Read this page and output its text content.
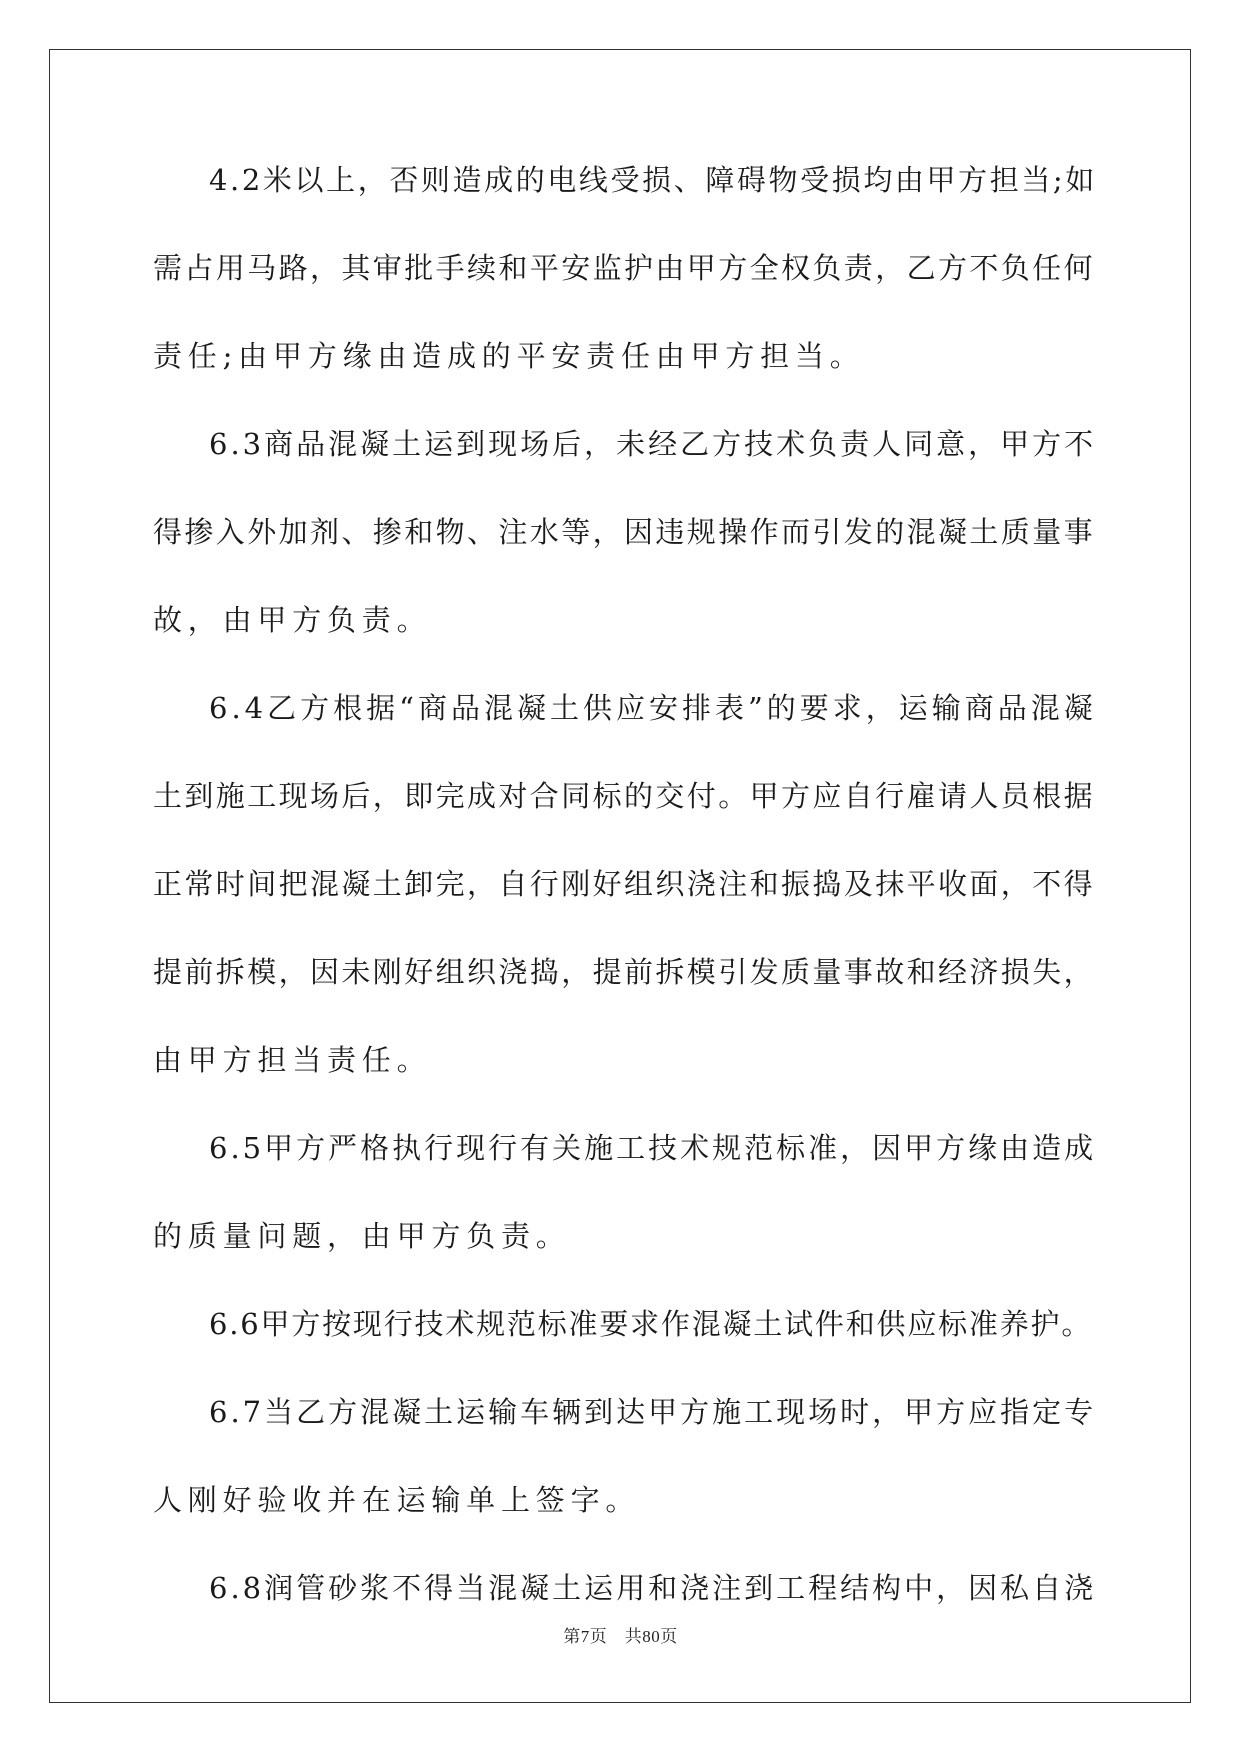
4.2米以上，否则造成的电线受损、障碍物受损均由甲方担当;如
需占用马路，其审批手续和平安监护由甲方全权负责，乙方不负任何
责任;由甲方缘由造成的平安责任由甲方担当。
6.3商品混凝土运到现场后，未经乙方技术负责人同意，甲方不
得掺入外加剂、掺和物、注水等，因违规操作而引发的混凝土质量事
故，由甲方负责。
6.4乙方根据“商品混凝土供应安排表”的要求，运输商品混凝
土到施工现场后，即完成对合同标的交付。甲方应自行雇请人员根据
正常时间把混凝土卸完，自行刚好组织浇注和振捣及抹平收面，不得
提前拆模，因未刚好组织浇捣，提前拆模引发质量事故和经济损失，
由甲方担当责任。
6.5甲方严格执行现行有关施工技术规范标准，因甲方缘由造成
的质量问题，由甲方负责。
6.6甲方按现行技术规范标准要求作混凝土试件和供应标准养护。
6.7当乙方混凝土运输车辆到达甲方施工现场时，甲方应指定专
人刚好验收并在运输单上签字。
6.8润管砂浆不得当混凝土运用和浇注到工程结构中，因私自浇
第7页　共80页
